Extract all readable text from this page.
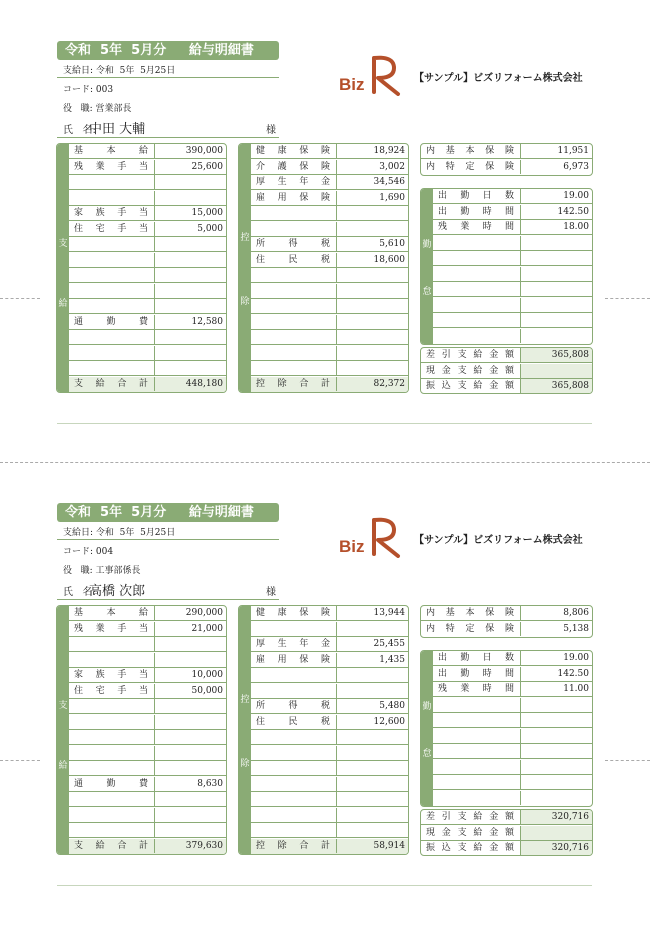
令和  5年  5月分     給与明細書
支給日: 令和  5年  5月25日
コード: 003
役   職: 営業部長
氏   名:
中田 大輔	様
Biz	【サンプル】ビズリフォーム株式会社
支
給
基本給	390,000
残業手当	25,600
家族手当	15,000
住宅手当	5,000
通勤費	12,580
支給合計	448,180
控
除
健康保険	18,924
介護保険	3,002
厚生年金	34,546
雇用保険	1,690
所得税	5,610
住民税	18,600
控除合計	82,372
内基本保険	11,951
内特定保険	6,973
勤
怠
出勤日数	19.00
出勤時間	142.50
残業時間	18.00
差引支給金額	365,808
現金支給金額
振込支給金額	365,808
令和  5年  5月分     給与明細書
支給日: 令和  5年  5月25日
コード: 004
役   職: 工事部係長
氏   名:
高橋 次郎	様
Biz	【サンプル】ビズリフォーム株式会社
支
給
基本給	290,000
残業手当	21,000
家族手当	10,000
住宅手当	50,000
通勤費	8,630
支給合計	379,630
控
除
健康保険	13,944
厚生年金	25,455
雇用保険	1,435
所得税	5,480
住民税	12,600
控除合計	58,914
内基本保険	8,806
内特定保険	5,138
勤
怠
出勤日数	19.00
出勤時間	142.50
残業時間	11.00
差引支給金額	320,716
現金支給金額
振込支給金額	320,716
